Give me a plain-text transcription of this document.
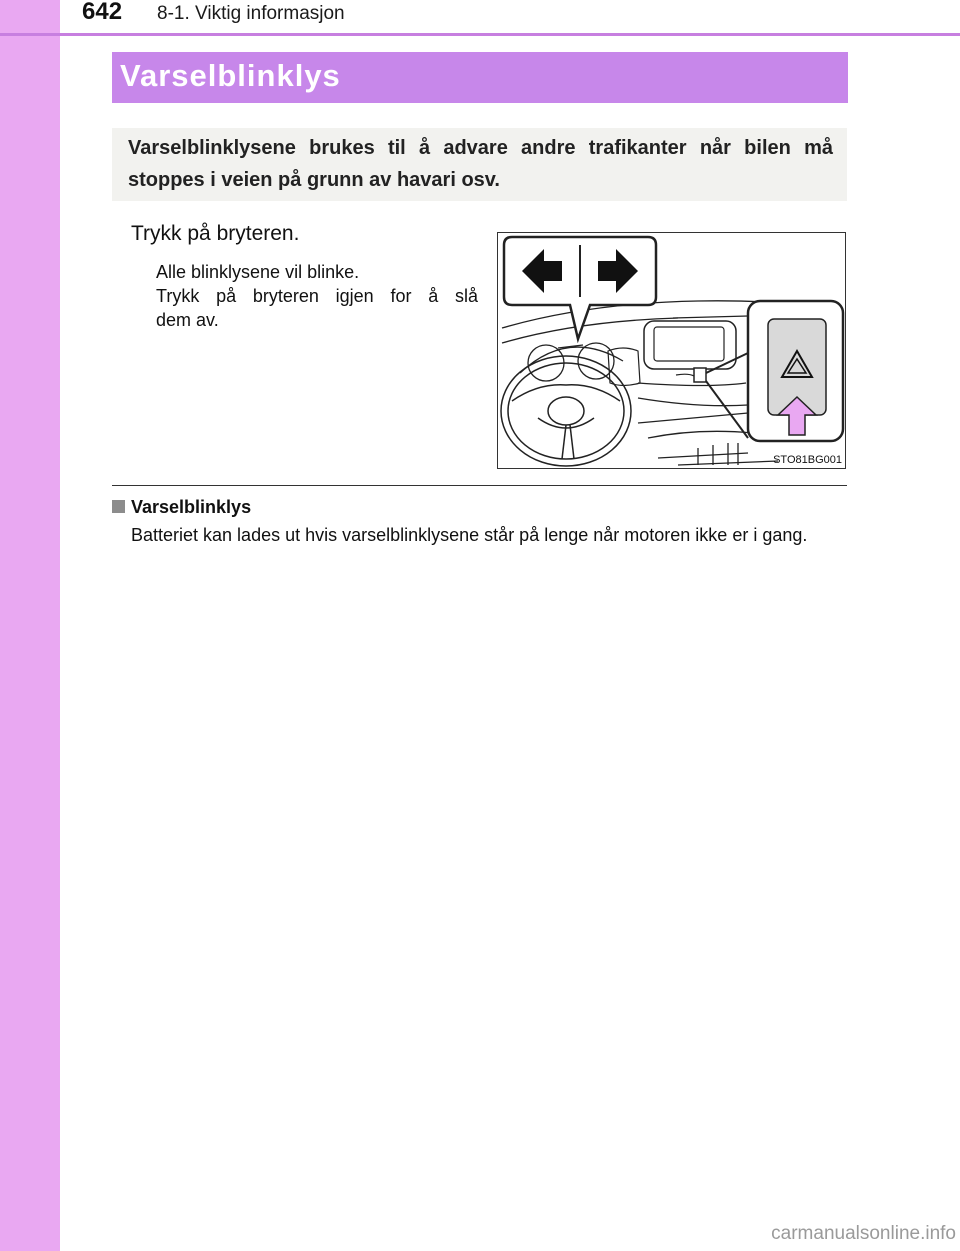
642 8-1. Viktig informasjon
Varselblinklys
Varselblinklysene brukes til å advare andre trafikanter når bilen må stoppes i veien på grunn av havari osv.
Trykk på bryteren.

Alle blinklysene vil blinke.

Trykk på bryteren igjen for å slå

dem av.

STO81BG001
Varselblinklys
Batteriet kan lades ut hvis varselblinklysene står på lenge når motoren ikke er i gang.
carmanualsonline.info
